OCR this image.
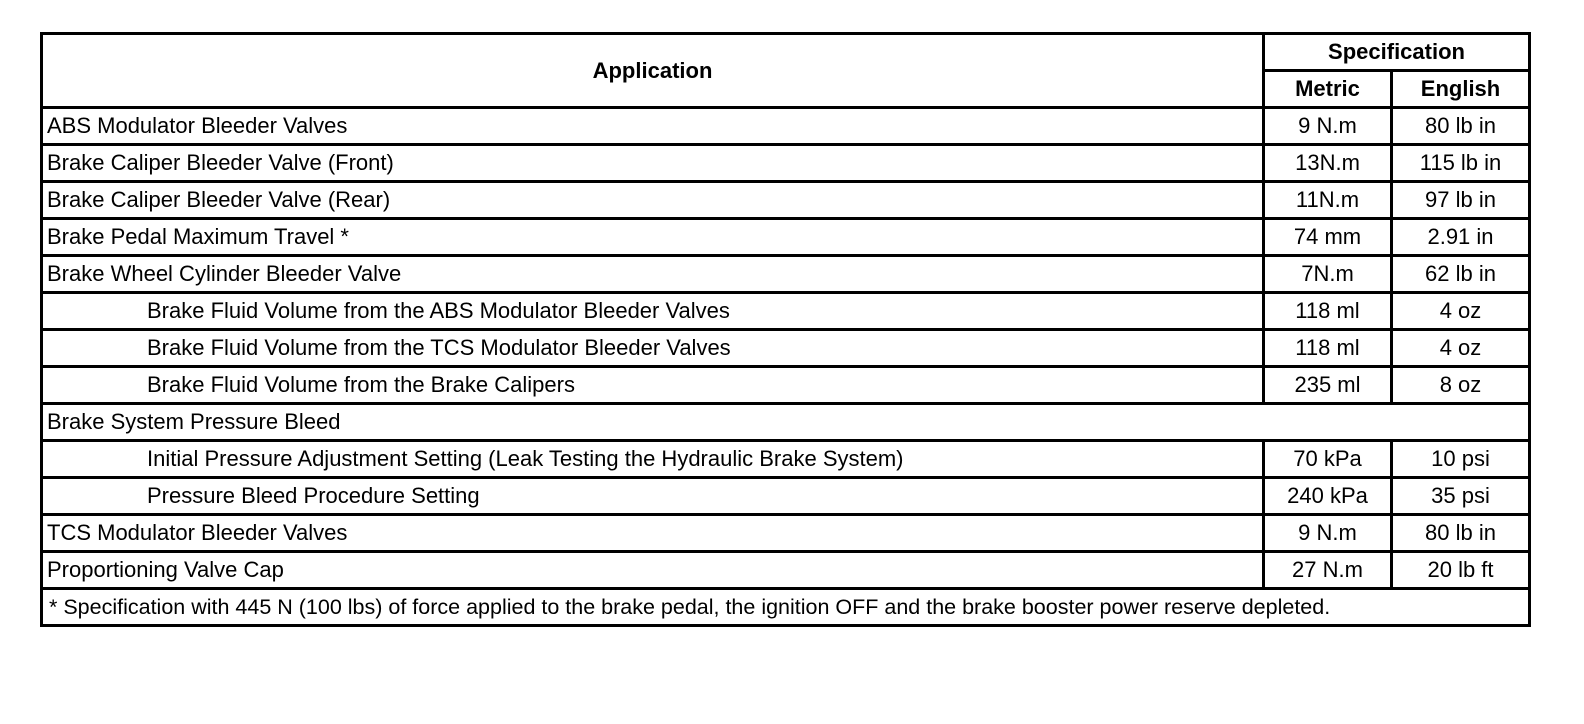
Application	Specification	
	Metric	English
ABS Modulator Bleeder Valves	9 N.m	80 lb in
Brake Caliper Bleeder Valve (Front)	13N.m	115 lb in
Brake Caliper Bleeder Valve (Rear)	11N.m	97 lb in
Brake Pedal Maximum Travel *	74 mm	2.91 in
Brake Wheel Cylinder Bleeder Valve	7N.m	62 lb in
Brake Fluid Volume from the ABS Modulator Bleeder Valves	118 ml	4 oz
Brake Fluid Volume from the TCS Modulator Bleeder Valves	118 ml	4 oz
Brake Fluid Volume from the Brake Calipers	235 ml	8 oz
Brake System Pressure Bleed		
Initial Pressure Adjustment Setting (Leak Testing the Hydraulic Brake System)	70 kPa	10 psi
Pressure Bleed Procedure Setting	240 kPa	35 psi
TCS Modulator Bleeder Valves	9 N.m	80 lb in
Proportioning Valve Cap	27 N.m	20 lb ft
* Specification with 445 N (100 lbs) of force applied to the brake pedal, the ignition OFF and the brake booster power reserve depleted.		
